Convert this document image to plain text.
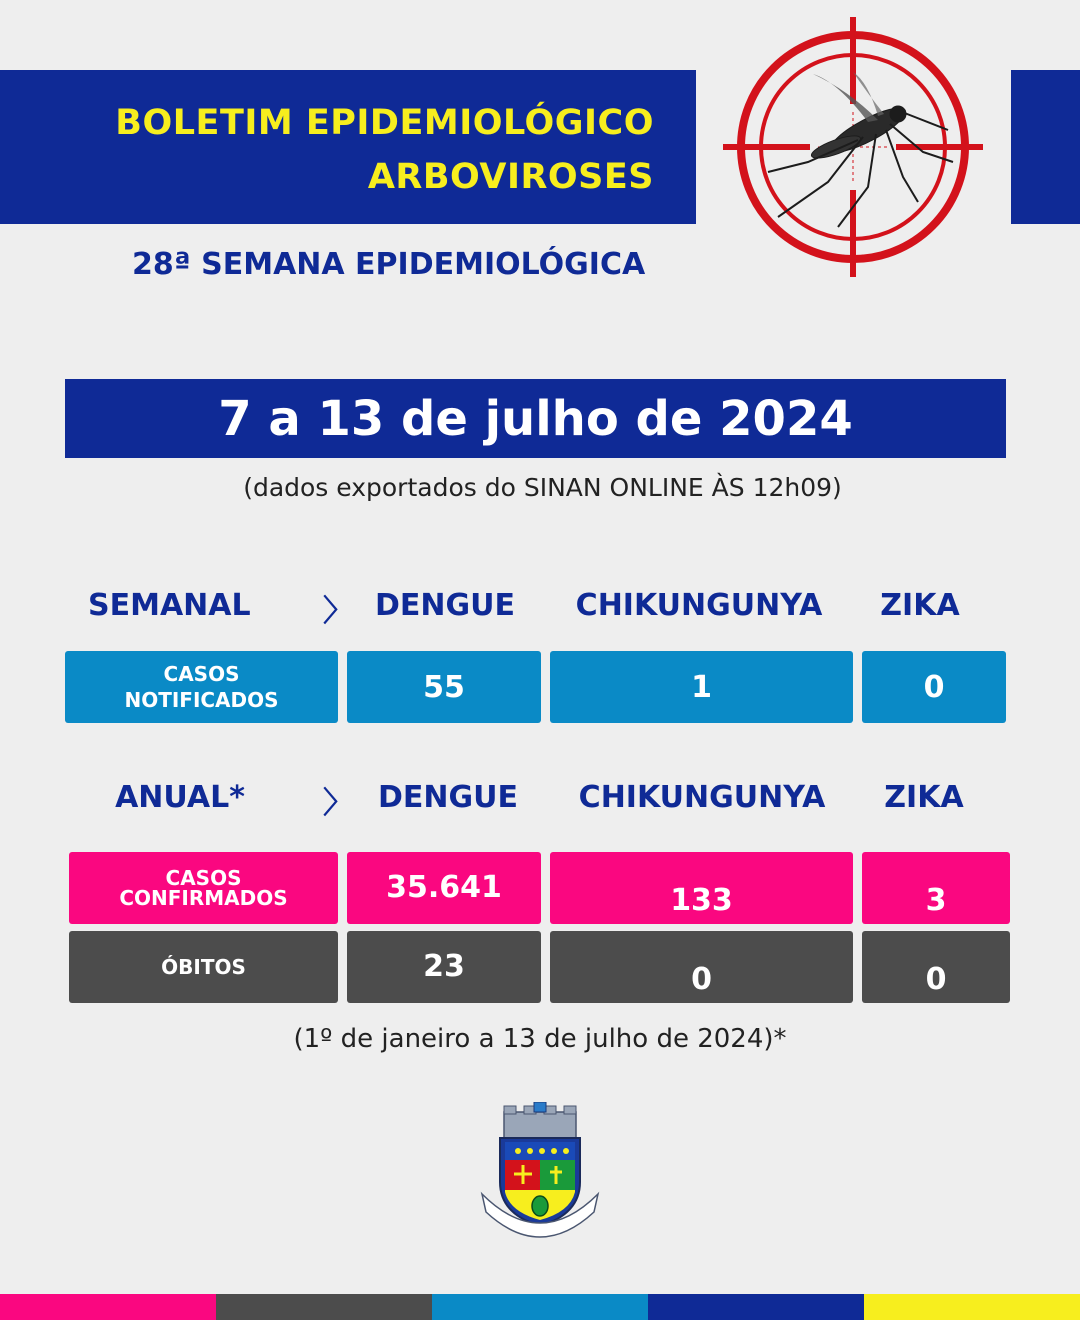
BOLETIM EPIDEMIOLÓGICO
ARBOVIROSES
28ª SEMANA EPIDEMIOLÓGICA
7 a 13 de julho de 2024
(dados exportados do SINAN ONLINE ÀS 12h09)
SEMANAL	〉 DENGUE	CHIKUNGUNYA	ZIKA
CASOS NOTIFICADOS	55	1	0
ANUAL*	〉 DENGUE	CHIKUNGUNYA	ZIKA
CASOS CONFIRMADOS	35.641	133	3
ÓBITOS	23	0	0
(1º de janeiro a 13 de julho de 2024)*
